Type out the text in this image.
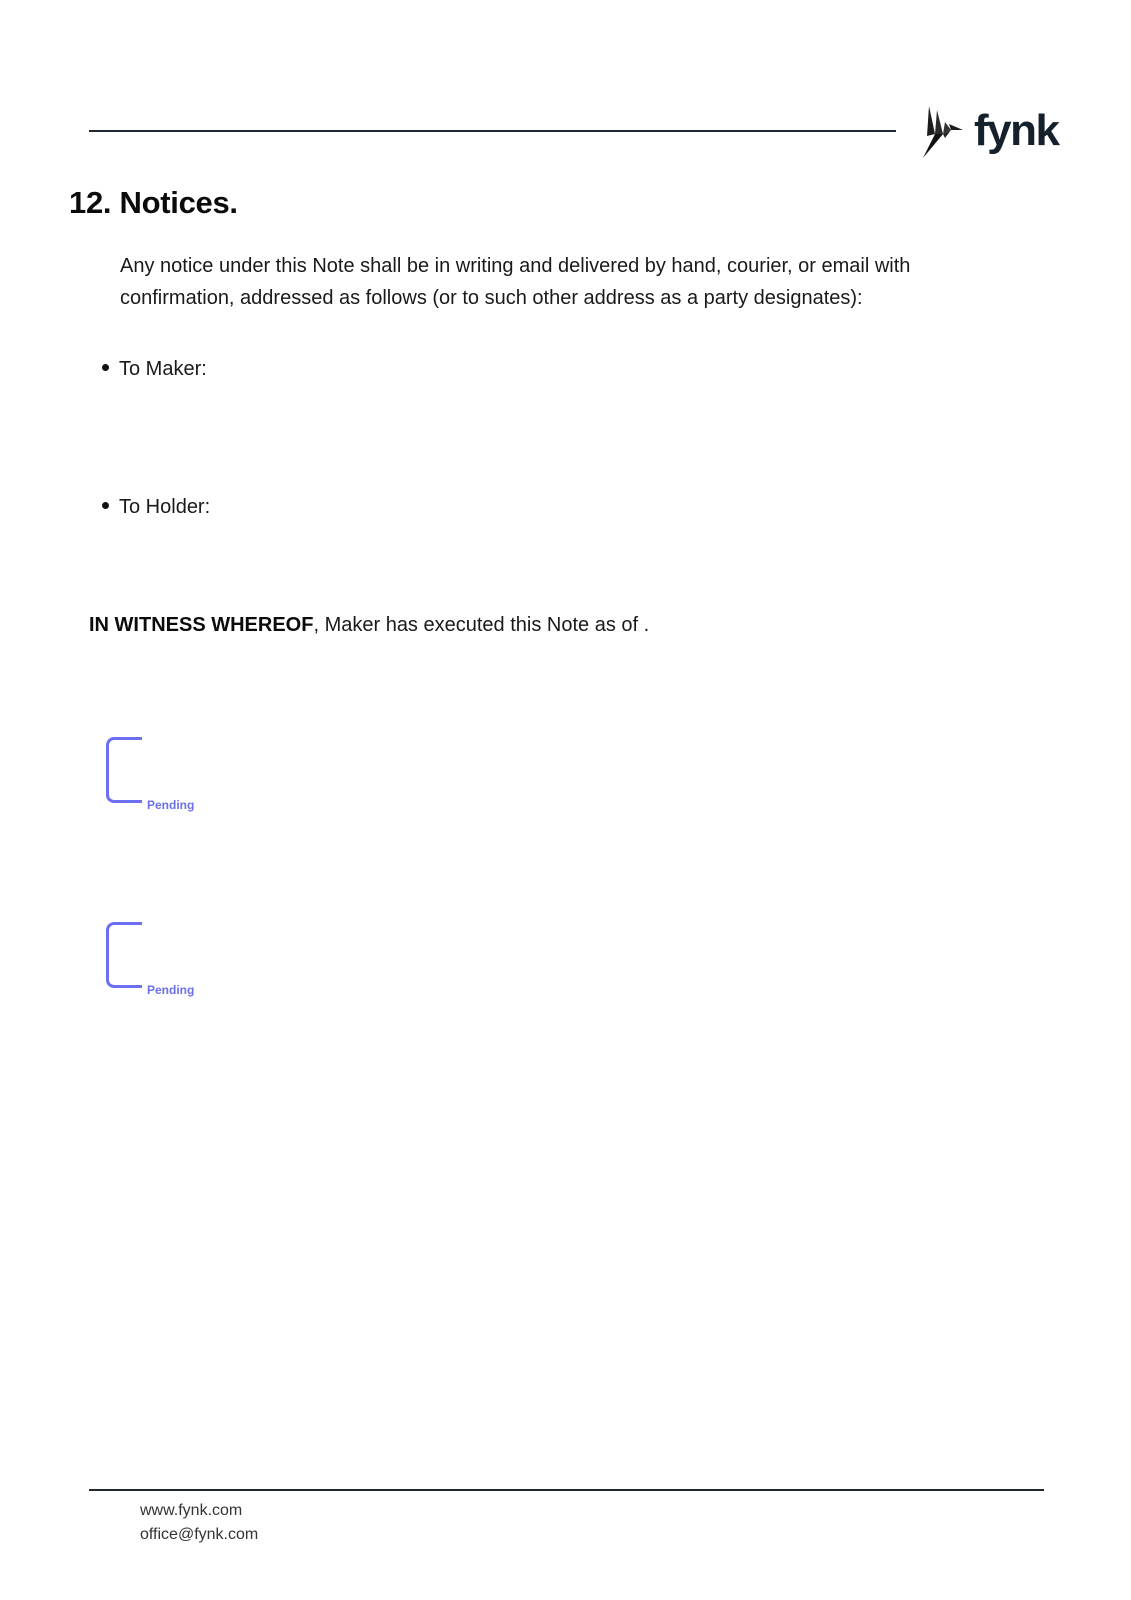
fynk
12. Notices.
Any notice under this Note shall be in writing and delivered by hand, courier, or email with
confirmation, addressed as follows (or to such other address as a party designates):
To Maker:
To Holder:
IN WITNESS WHEREOF, Maker has executed this Note as of .
Pending
Pending
www.fynk.com
office@fynk.com
